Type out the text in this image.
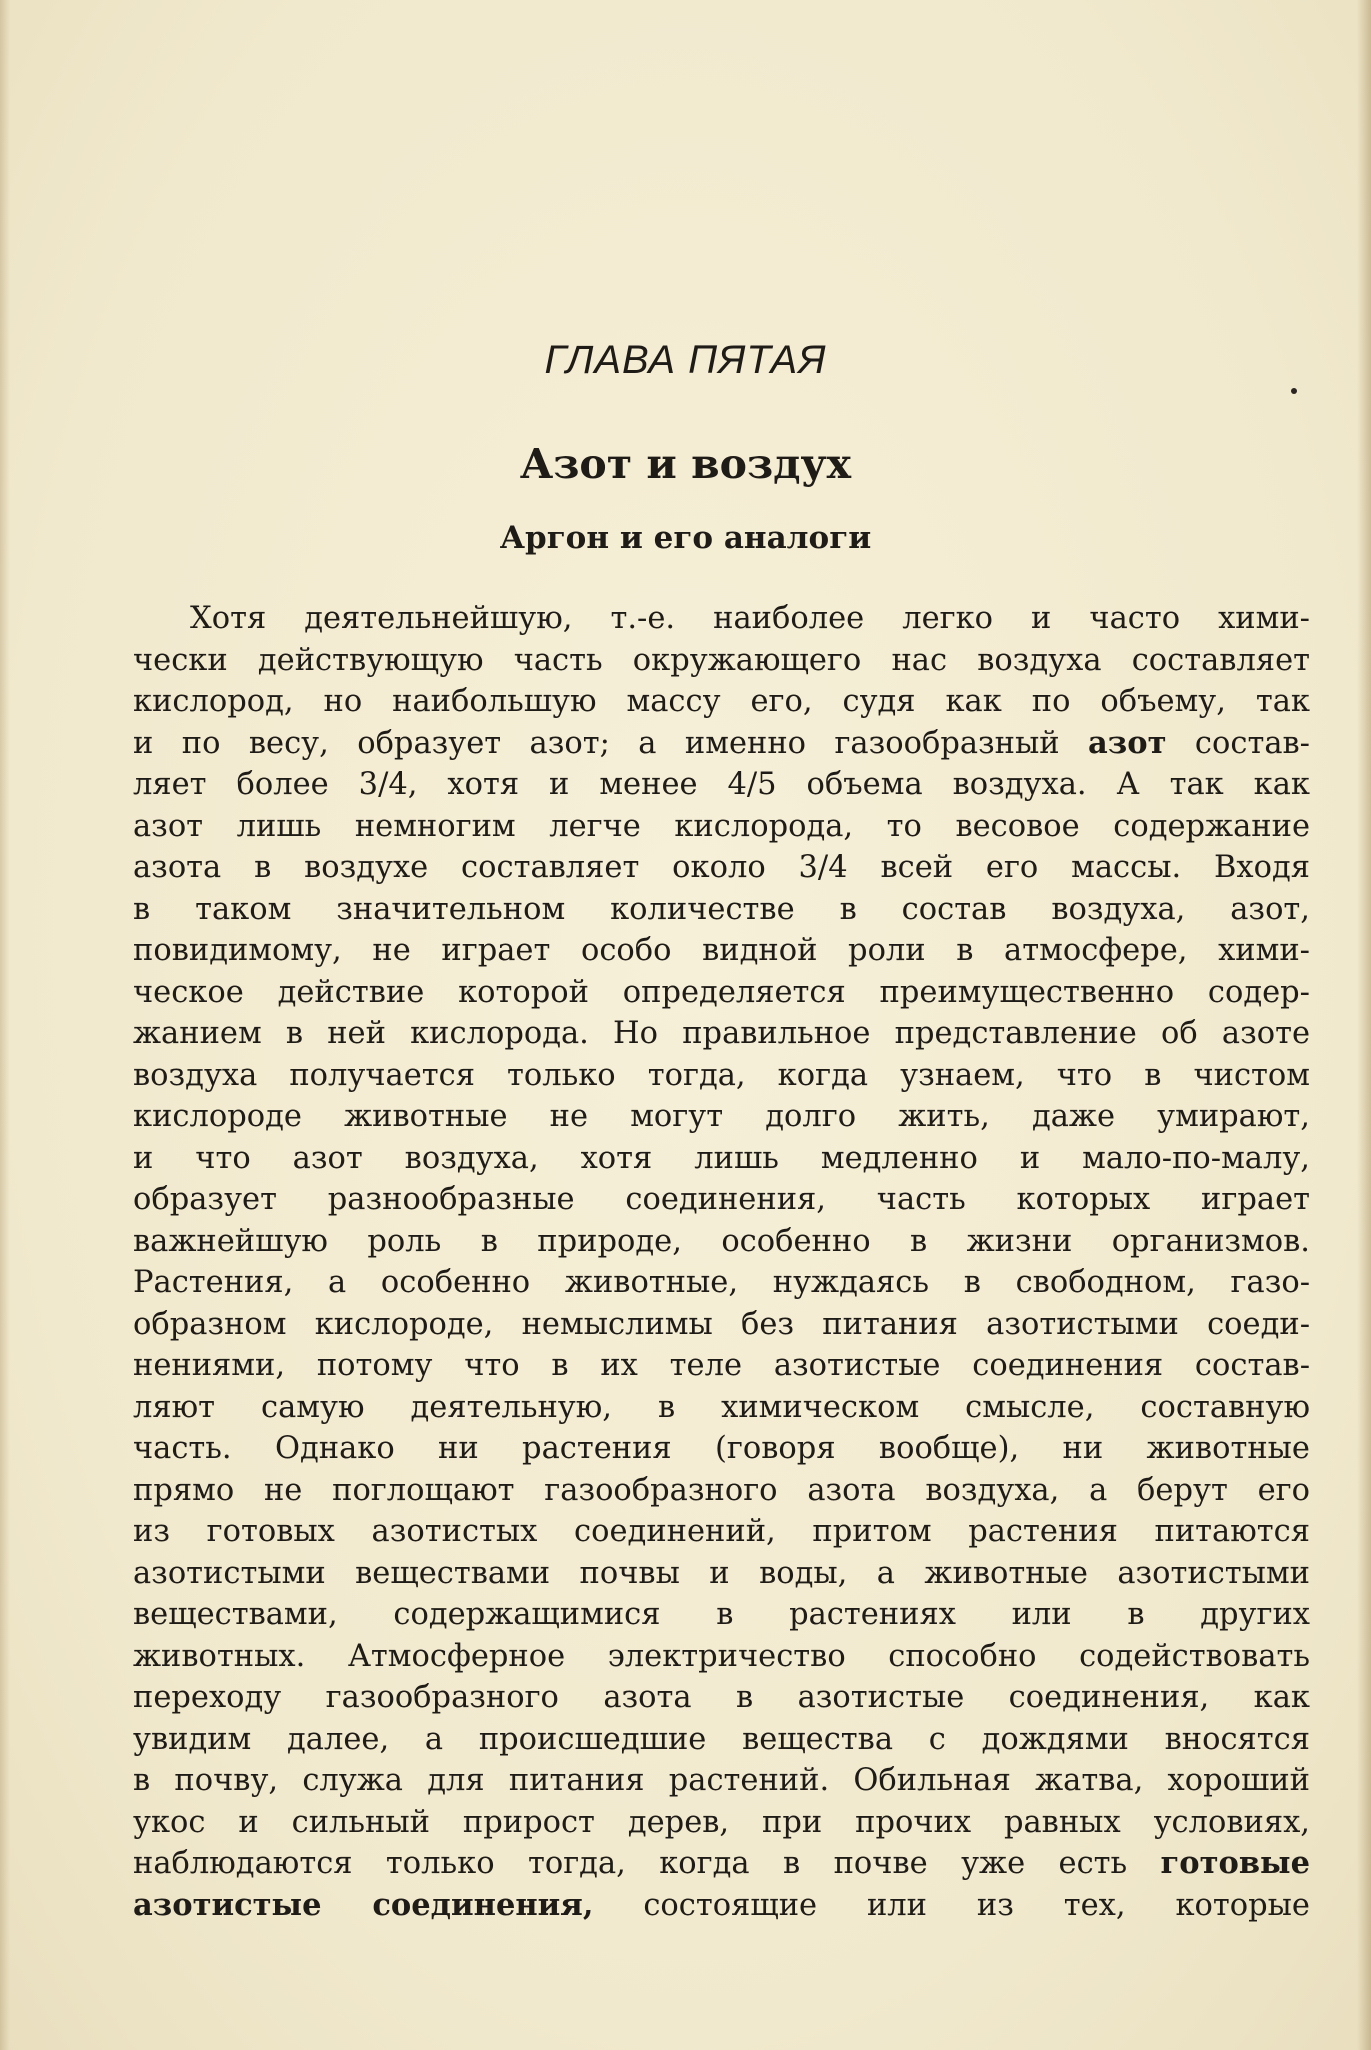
ГЛАВА ПЯТАЯ
Азот и воздух
Аргон и его аналоги
Хотя деятельнейшую, т.-е. наиболее легко и часто хими-
чески действующую часть окружающего нас воздуха составляет
кислород, но наибольшую массу его, судя как по объему, так
и по весу, образует азот; а именно газообразный азот состав-
ляет более 3/4, хотя и менее 4/5 объема воздуха. А так как
азот лишь немногим легче кислорода, то весовое содержание
азота в воздухе составляет около 3/4 всей его массы. Входя
в таком значительном количестве в состав воздуха, азот,
повидимому, не играет особо видной роли в атмосфере, хими-
ческое действие которой определяется преимущественно содер-
жанием в ней кислорода. Но правильное представление об азоте
воздуха получается только тогда, когда узнаем, что в чистом
кислороде животные не могут долго жить, даже умирают,
и что азот воздуха, хотя лишь медленно и мало-по-малу,
образует разнообразные соединения, часть которых играет
важнейшую роль в природе, особенно в жизни организмов.
Растения, а особенно животные, нуждаясь в свободном, газо-
образном кислороде, немыслимы без питания азотистыми соеди-
нениями, потому что в их теле азотистые соединения состав-
ляют самую деятельную, в химическом смысле, составную
часть. Однако ни растения (говоря вообще), ни животные
прямо не поглощают газообразного азота воздуха, а берут его
из готовых азотистых соединений, притом растения питаются
азотистыми веществами почвы и воды, а животные азотистыми
веществами, содержащимися в растениях или в других
животных. Атмосферное электричество способно содействовать
переходу газообразного азота в азотистые соединения, как
увидим далее, а происшедшие вещества с дождями вносятся
в почву, служа для питания растений. Обильная жатва, хороший
укос и сильный прирост дерев, при прочих равных условиях,
наблюдаются только тогда, когда в почве уже есть готовые
азотистые соединения, состоящие или из тех, которые
